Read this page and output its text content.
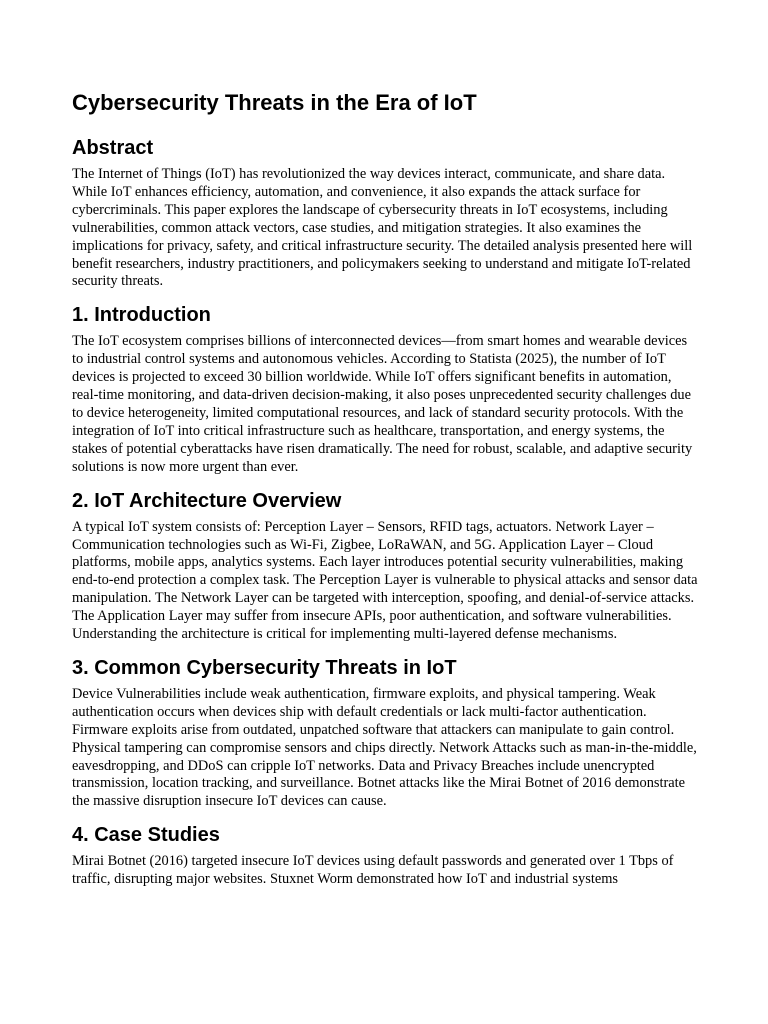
Cybersecurity Threats in the Era of IoT
Abstract

The Internet of Things (IoT) has revolutionized the way devices interact, communicate, and share data. While IoT enhances efficiency, automation, and convenience, it also expands the attack surface for cybercriminals. This paper explores the landscape of cybersecurity threats in IoT ecosystems, including vulnerabilities, common attack vectors, case studies, and mitigation strategies. It also examines the implications for privacy, safety, and critical infrastructure security. The detailed analysis presented here will benefit researchers, industry practitioners, and policymakers seeking to understand and mitigate IoT-related security threats.

1. Introduction

The IoT ecosystem comprises billions of interconnected devices—from smart homes and wearable devices to industrial control systems and autonomous vehicles. According to Statista (2025), the number of IoT devices is projected to exceed 30 billion worldwide. While IoT offers significant benefits in automation, real-time monitoring, and data-driven decision-making, it also poses unprecedented security challenges due to device heterogeneity, limited computational resources, and lack of standard security protocols. With the integration of IoT into critical infrastructure such as healthcare, transportation, and energy systems, the stakes of potential cyberattacks have risen dramatically. The need for robust, scalable, and adaptive security solutions is now more urgent than ever.

2. IoT Architecture Overview

A typical IoT system consists of: Perception Layer – Sensors, RFID tags, actuators. Network Layer – Communication technologies such as Wi-Fi, Zigbee, LoRaWAN, and 5G. Application Layer – Cloud platforms, mobile apps, analytics systems. Each layer introduces potential security vulnerabilities, making end-to-end protection a complex task. The Perception Layer is vulnerable to physical attacks and sensor data manipulation. The Network Layer can be targeted with interception, spoofing, and denial-of-service attacks. The Application Layer may suffer from insecure APIs, poor authentication, and software vulnerabilities. Understanding the architecture is critical for implementing multi-layered defense mechanisms.

3. Common Cybersecurity Threats in IoT

Device Vulnerabilities include weak authentication, firmware exploits, and physical tampering. Weak authentication occurs when devices ship with default credentials or lack multi-factor authentication. Firmware exploits arise from outdated, unpatched software that attackers can manipulate to gain control. Physical tampering can compromise sensors and chips directly. Network Attacks such as man-in-the-middle, eavesdropping, and DDoS can cripple IoT networks. Data and Privacy Breaches include unencrypted transmission, location tracking, and surveillance. Botnet attacks like the Mirai Botnet of 2016 demonstrate the massive disruption insecure IoT devices can cause.

4. Case Studies

Mirai Botnet (2016) targeted insecure IoT devices using default passwords and generated over 1 Tbps of traffic, disrupting major websites. Stuxnet Worm demonstrated how IoT and industrial systems
